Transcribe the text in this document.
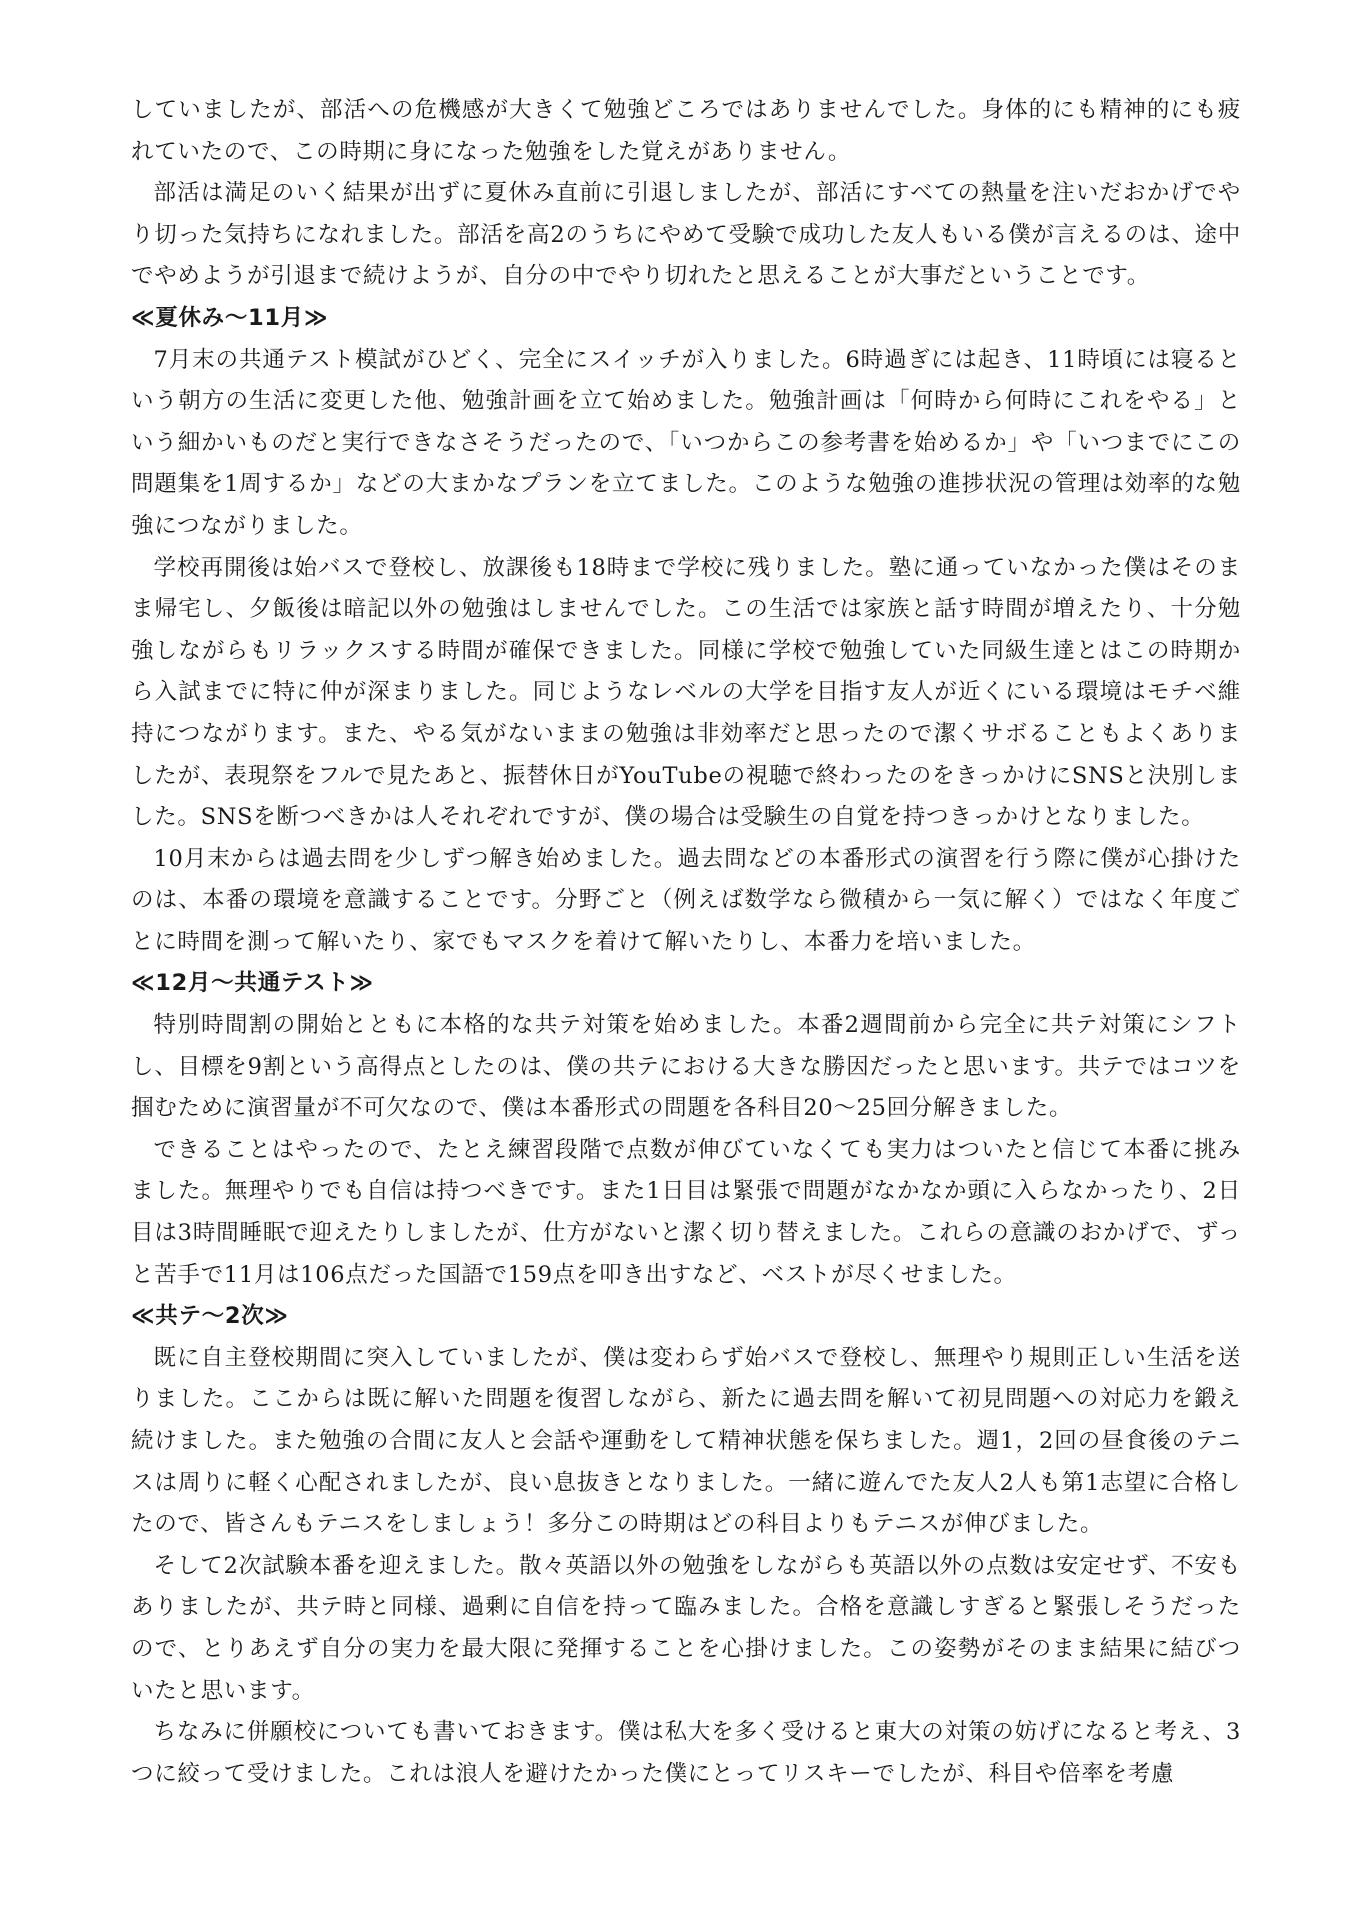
していましたが、部活への危機感が大きくて勉強どころではありませんでした。身体的にも精神的にも疲れていたので、この時期に身になった勉強をした覚えがありません。

部活は満足のいく結果が出ずに夏休み直前に引退しましたが、部活にすべての熱量を注いだおかげでやり切った気持ちになれました。部活を高2のうちにやめて受験で成功した友人もいる僕が言えるのは、途中でやめようが引退まで続けようが、自分の中でやり切れたと思えることが大事だということです。

≪夏休み〜11月≫

7月末の共通テスト模試がひどく、完全にスイッチが入りました。6時過ぎには起き、11時頃には寝るという朝方の生活に変更した他、勉強計画を立て始めました。勉強計画は「何時から何時にこれをやる」という細かいものだと実行できなさそうだったので、「いつからこの参考書を始めるか」や「いつまでにこの問題集を1周するか」などの大まかなプランを立てました。このような勉強の進捗状況の管理は効率的な勉強につながりました。

学校再開後は始バスで登校し、放課後も18時まで学校に残りました。塾に通っていなかった僕はそのまま帰宅し、夕飯後は暗記以外の勉強はしませんでした。この生活では家族と話す時間が増えたり、十分勉強しながらもリラックスする時間が確保できました。同様に学校で勉強していた同級生達とはこの時期から入試までに特に仲が深まりました。同じようなレベルの大学を目指す友人が近くにいる環境はモチベ維持につながります。また、やる気がないままの勉強は非効率だと思ったので潔くサボることもよくありましたが、表現祭をフルで見たあと、振替休日がYouTubeの視聴で終わったのをきっかけにSNSと決別しました。SNSを断つべきかは人それぞれですが、僕の場合は受験生の自覚を持つきっかけとなりました。

10月末からは過去問を少しずつ解き始めました。過去問などの本番形式の演習を行う際に僕が心掛けたのは、本番の環境を意識することです。分野ごと（例えば数学なら微積から一気に解く）ではなく年度ごとに時間を測って解いたり、家でもマスクを着けて解いたりし、本番力を培いました。

≪12月〜共通テスト≫

特別時間割の開始とともに本格的な共テ対策を始めました。本番2週間前から完全に共テ対策にシフトし、目標を9割という高得点としたのは、僕の共テにおける大きな勝因だったと思います。共テではコツを掴むために演習量が不可欠なので、僕は本番形式の問題を各科目20〜25回分解きました。

できることはやったので、たとえ練習段階で点数が伸びていなくても実力はついたと信じて本番に挑みました。無理やりでも自信は持つべきです。また1日目は緊張で問題がなかなか頭に入らなかったり、2日目は3時間睡眠で迎えたりしましたが、仕方がないと潔く切り替えました。これらの意識のおかげで、ずっと苦手で11月は106点だった国語で159点を叩き出すなど、ベストが尽くせました。

≪共テ〜2次≫

既に自主登校期間に突入していましたが、僕は変わらず始バスで登校し、無理やり規則正しい生活を送りました。ここからは既に解いた問題を復習しながら、新たに過去問を解いて初見問題への対応力を鍛え続けました。また勉強の合間に友人と会話や運動をして精神状態を保ちました。週1，2回の昼食後のテニスは周りに軽く心配されましたが、良い息抜きとなりました。一緒に遊んでた友人2人も第1志望に合格したので、皆さんもテニスをしましょう！多分この時期はどの科目よりもテニスが伸びました。

そして2次試験本番を迎えました。散々英語以外の勉強をしながらも英語以外の点数は安定せず、不安もありましたが、共テ時と同様、過剰に自信を持って臨みました。合格を意識しすぎると緊張しそうだったので、とりあえず自分の実力を最大限に発揮することを心掛けました。この姿勢がそのまま結果に結びついたと思います。

ちなみに併願校についても書いておきます。僕は私大を多く受けると東大の対策の妨げになると考え、3つに絞って受けました。これは浪人を避けたかった僕にとってリスキーでしたが、科目や倍率を考慮
